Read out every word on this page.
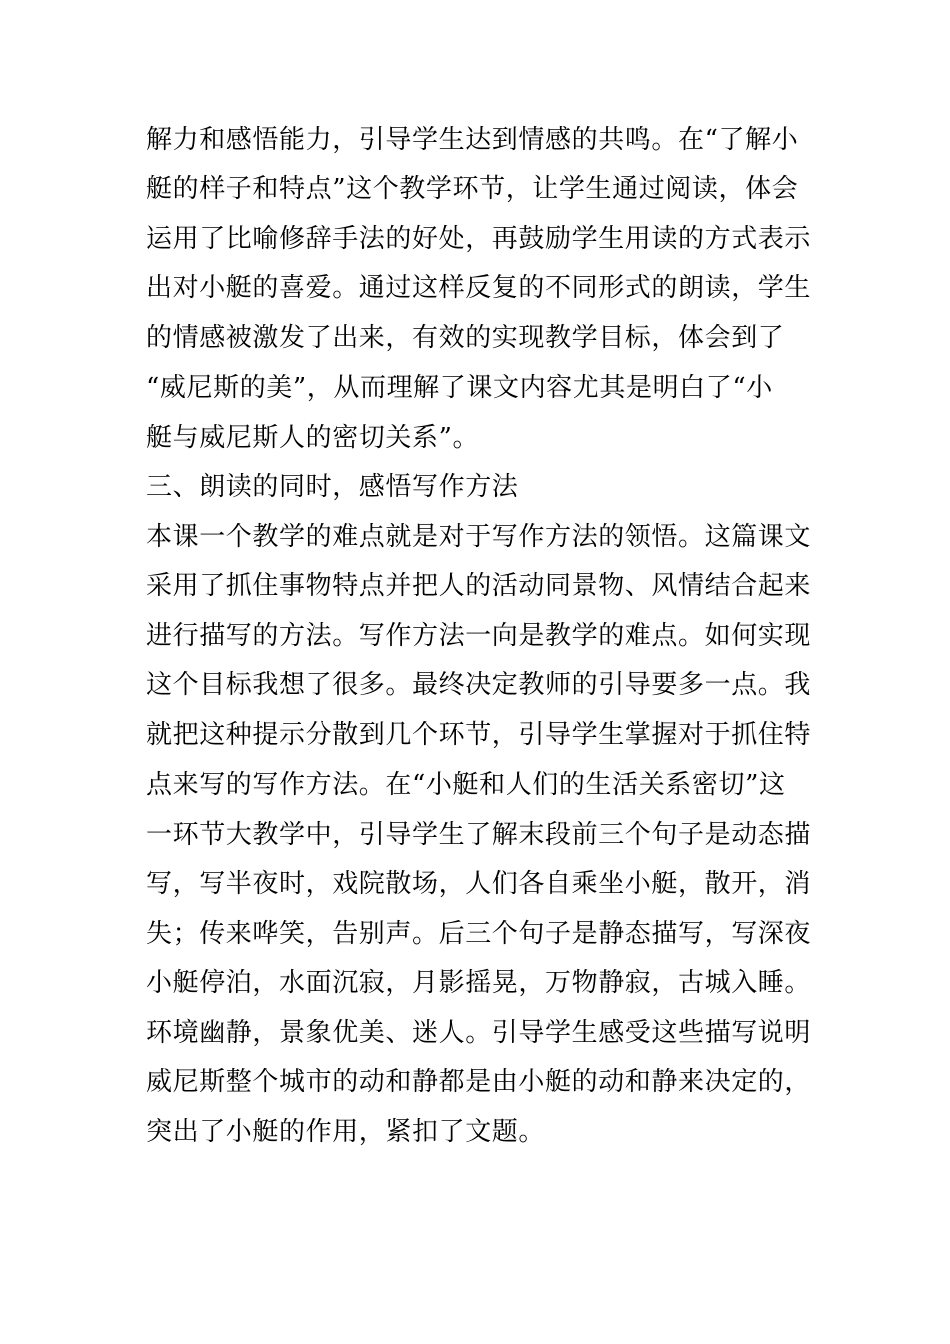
解力和感悟能力，引导学生达到情感的共鸣。在“了解小
艇的样子和特点”这个教学环节，让学生通过阅读，体会
运用了比喻修辞手法的好处，再鼓励学生用读的方式表示
出对小艇的喜爱。通过这样反复的不同形式的朗读，学生
的情感被激发了出来，有效的实现教学目标，体会到了
“威尼斯的美”，从而理解了课文内容尤其是明白了“小
艇与威尼斯人的密切关系”。
三、朗读的同时，感悟写作方法
本课一个教学的难点就是对于写作方法的领悟。这篇课文
采用了抓住事物特点并把人的活动同景物、风情结合起来
进行描写的方法。写作方法一向是教学的难点。如何实现
这个目标我想了很多。最终决定教师的引导要多一点。我
就把这种提示分散到几个环节，引导学生掌握对于抓住特
点来写的写作方法。在“小艇和人们的生活关系密切”这
一环节大教学中，引导学生了解末段前三个句子是动态描
写，写半夜时，戏院散场，人们各自乘坐小艇，散开，消
失；传来哗笑，告别声。后三个句子是静态描写，写深夜
小艇停泊，水面沉寂，月影摇晃，万物静寂，古城入睡。
环境幽静，景象优美、迷人。引导学生感受这些描写说明
威尼斯整个城市的动和静都是由小艇的动和静来决定的，
突出了小艇的作用，紧扣了文题。
